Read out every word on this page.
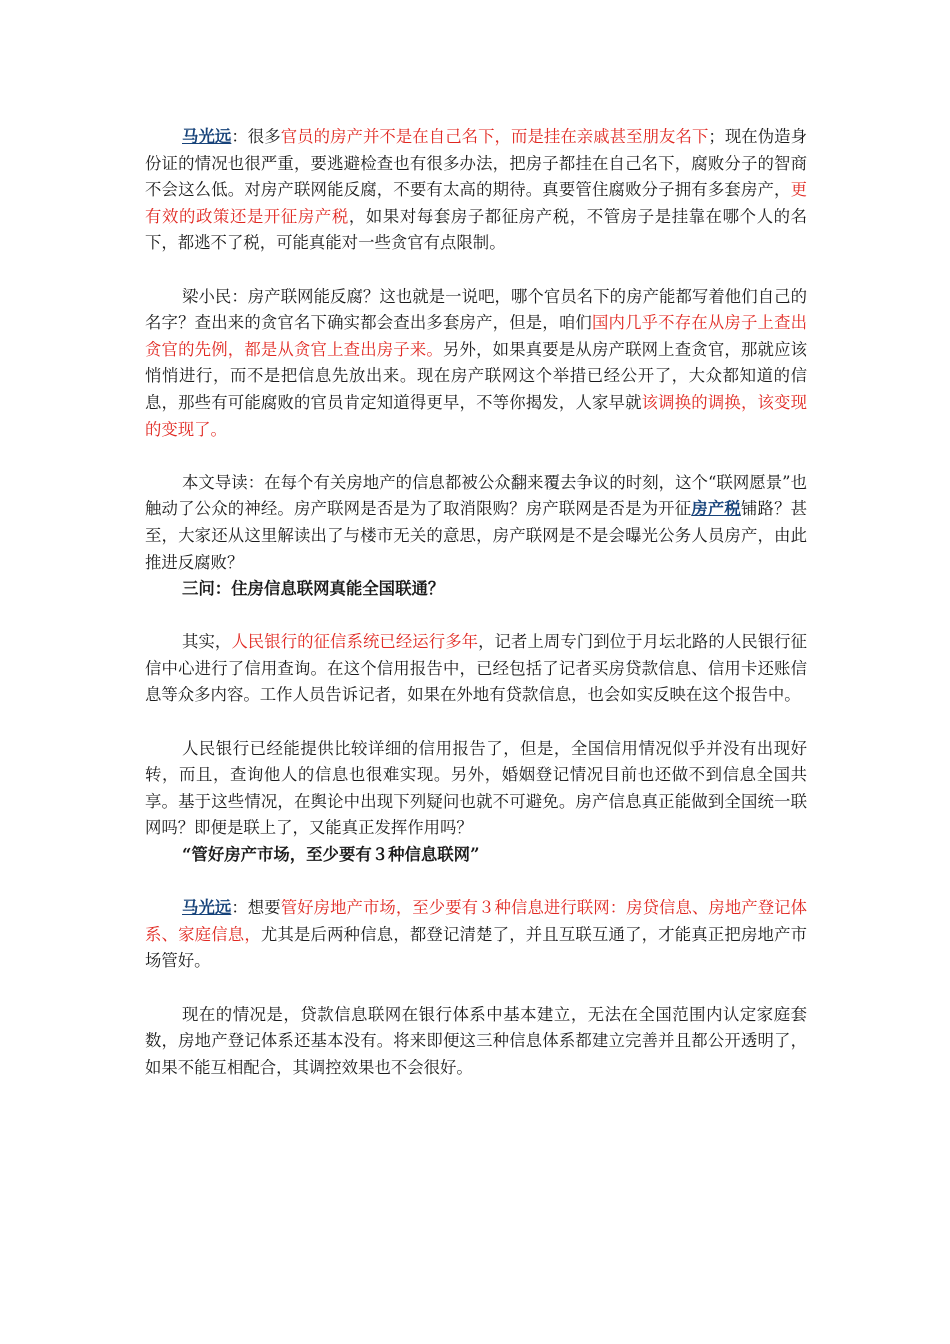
马光远：很多官员的房产并不是在自己名下，而是挂在亲戚甚至朋友名下；现在伪造身份证的情况也很严重，要逃避检查也有很多办法，把房子都挂在自己名下，腐败分子的智商不会这么低。对房产联网能反腐，不要有太高的期待。真要管住腐败分子拥有多套房产，更有效的政策还是开征房产税，如果对每套房子都征房产税，不管房子是挂靠在哪个人的名下，都逃不了税，可能真能对一些贪官有点限制。

梁小民：房产联网能反腐？这也就是一说吧，哪个官员名下的房产能都写着他们自己的名字？查出来的贪官名下确实都会查出多套房产，但是，咱们国内几乎不存在从房子上查出贪官的先例，都是从贪官上查出房子来。另外，如果真要是从房产联网上查贪官，那就应该悄悄进行，而不是把信息先放出来。现在房产联网这个举措已经公开了，大众都知道的信息，那些有可能腐败的官员肯定知道得更早，不等你揭发，人家早就该调换的调换，该变现的变现了。

本文导读：在每个有关房地产的信息都被公众翻来覆去争议的时刻，这个“联网愿景”也触动了公众的神经。房产联网是否是为了取消限购？房产联网是否是为开征房产税铺路？甚至，大家还从这里解读出了与楼市无关的意思，房产联网是不是会曝光公务人员房产，由此推进反腐败？

三问：住房信息联网真能全国联通？

其实，人民银行的征信系统已经运行多年，记者上周专门到位于月坛北路的人民银行征信中心进行了信用查询。在这个信用报告中，已经包括了记者买房贷款信息、信用卡还账信息等众多内容。工作人员告诉记者，如果在外地有贷款信息，也会如实反映在这个报告中。

人民银行已经能提供比较详细的信用报告了，但是，全国信用情况似乎并没有出现好转，而且，查询他人的信息也很难实现。另外，婚姻登记情况目前也还做不到信息全国共享。基于这些情况，在舆论中出现下列疑问也就不可避免。房产信息真正能做到全国统一联网吗？即便是联上了，又能真正发挥作用吗？

“管好房产市场，至少要有３种信息联网”

马光远：想要管好房地产市场，至少要有３种信息进行联网：房贷信息、房地产登记体系、家庭信息，尤其是后两种信息，都登记清楚了，并且互联互通了，才能真正把房地产市场管好。

现在的情况是，贷款信息联网在银行体系中基本建立，无法在全国范围内认定家庭套数，房地产登记体系还基本没有。将来即便这三种信息体系都建立完善并且都公开透明了，如果不能互相配合，其调控效果也不会很好。
